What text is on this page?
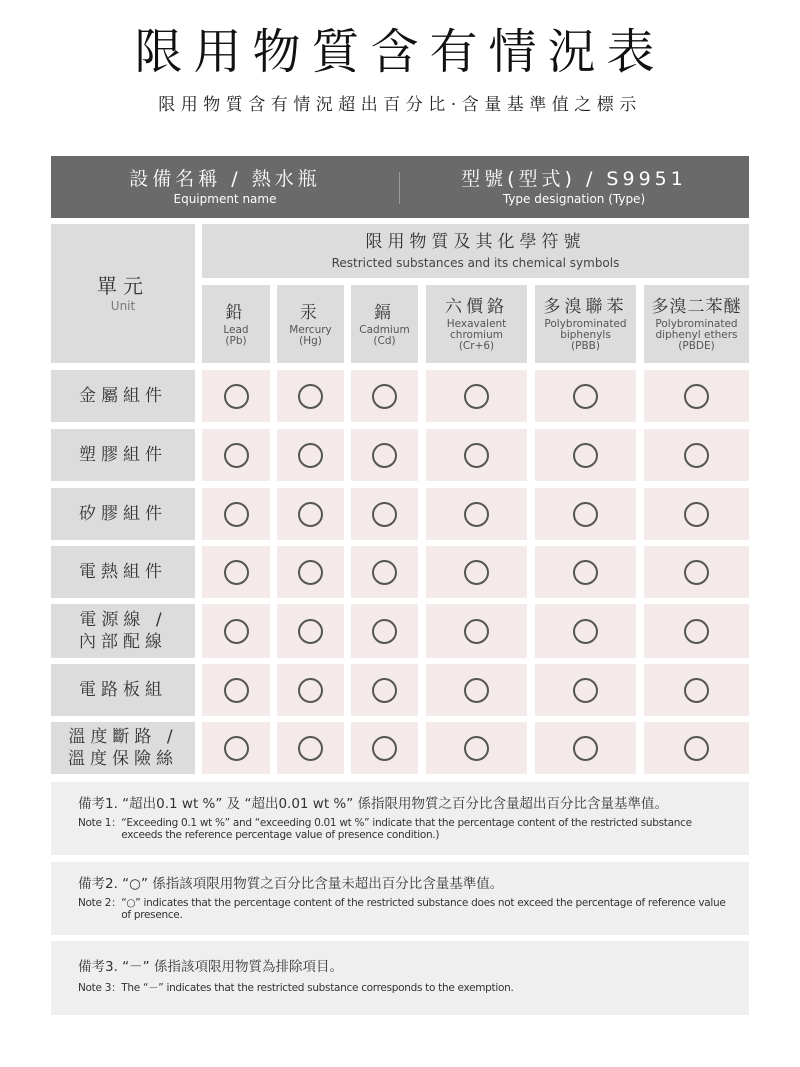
限用物質含有情況表
限用物質含有情況超出百分比‧含量基準值之標示
設備名稱 / 熱水瓶
Equipment name
型號(型式) / S9951
Type designation (Type)
單元
Unit
限用物質及其化學符號
Restricted substances and its chemical symbols
鉛
Lead
(Pb)
汞
Mercury
(Hg)
鎘
Cadmium
(Cd)
六價鉻
Hexavalent
chromium
(Cr+6)
多溴聯苯
Polybrominated
biphenyls
(PBB)
多溴二苯醚
Polybrominated
diphenyl ethers
(PBDE)
金屬組件
塑膠組件
矽膠組件
電熱組件
電源線 /
內部配線
電路板組
溫度斷路 /
溫度保險絲
備考1. “超出0.1 wt %” 及 “超出0.01 wt %” 係指限用物質之百分比含量超出百分比含量基準值。
Note 1： “Exceeding 0.1 wt %” and “exceeding 0.01 wt %” indicate that the percentage content of the restricted substance exceeds the reference percentage value of presence condition.)
備考2. “○” 係指該項限用物質之百分比含量未超出百分比含量基準值。
Note 2： “○” indicates that the percentage content of the restricted substance does not exceed the percentage of reference value of presence.
備考3. “－” 係指該項限用物質為排除項目。
Note 3： The “－” indicates that the restricted substance corresponds to the exemption.
